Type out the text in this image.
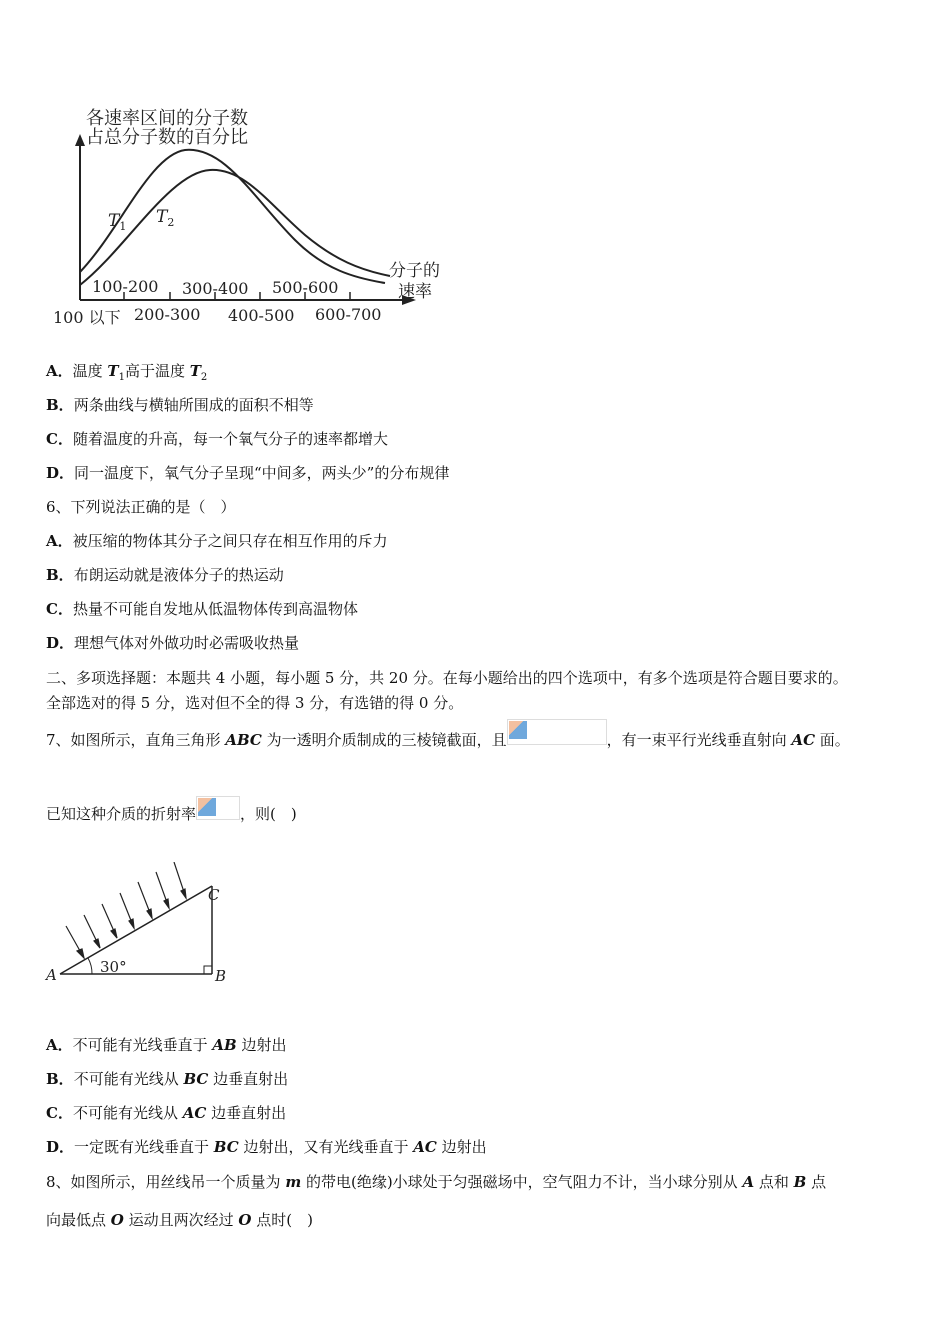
各速率区间的分子数
占总分子数的百分比
$T_1$ $T_2$
分子的
速率
100-200 300-400 500-600
100 以下 200-300 400-500 600-700
A．温度 $T_1$高于温度 $T_2$
B．两条曲线与横轴所围成的面积不相等
C．随着温度的升高，每一个氧气分子的速率都增大
D．同一温度下，氧气分子呈现“中间多，两头少”的分布规律
6、下列说法正确的是（　）
A．被压缩的物体其分子之间只存在相互作用的斥力
B．布朗运动就是液体分子的热运动
C．热量不可能自发地从低温物体传到高温物体
D．理想气体对外做功时必需吸收热量
二、多项选择题：本题共 4 小题，每小题 5 分，共 20 分。在每小题给出的四个选项中，有多个选项是符合题目要求的。
全部选对的得 5 分，选对但不全的得 3 分，有选错的得 0 分。
7、如图所示，直角三角形 ABC 为一透明介质制成的三棱镜截面，且	，有一束平行光线垂直射向 AC 面。
已知这种介质的折射率	，则(　)
A	B
C
30°
A．不可能有光线垂直于 AB 边射出
B．不可能有光线从 BC 边垂直射出
C．不可能有光线从 AC 边垂直射出
D．一定既有光线垂直于 BC 边射出，又有光线垂直于 AC 边射出
8、如图所示，用丝线吊一个质量为 m 的带电(绝缘)小球处于匀强磁场中，空气阻力不计，当小球分别从 A 点和 B 点
向最低点 O 运动且两次经过 O 点时(　)
